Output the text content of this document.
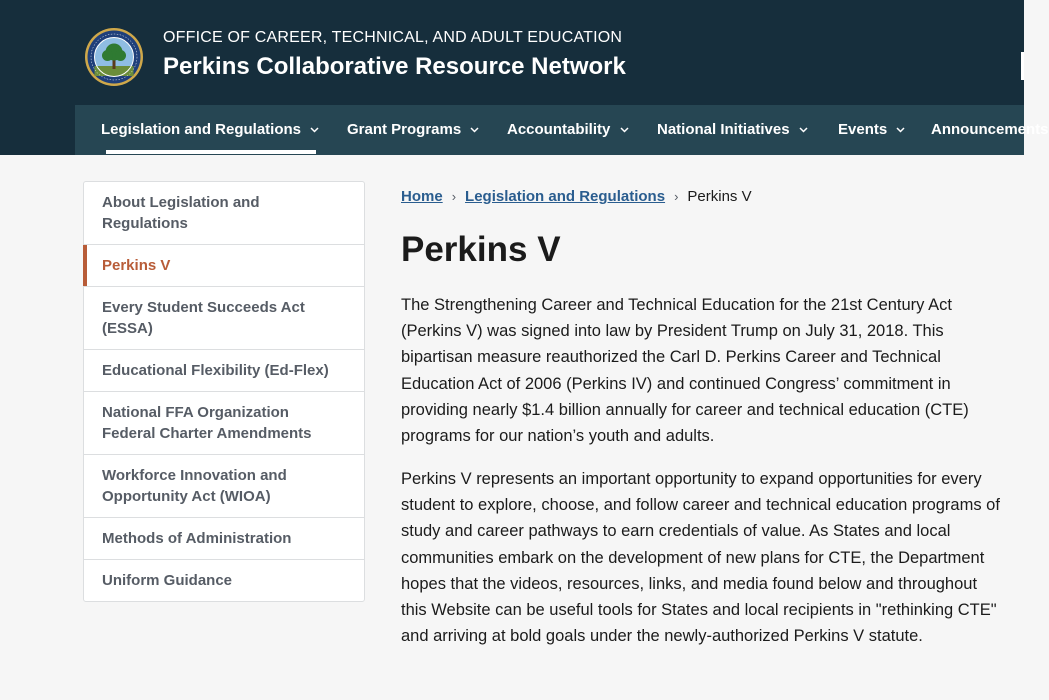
OFFICE OF CAREER, TECHNICAL, AND ADULT EDUCATION
Perkins Collaborative Resource Network
Legislation and Regulations	Grant Programs	Accountability	National Initiatives	Events	Announcements
About Legislation and Regulations
Perkins V
Every Student Succeeds Act (ESSA)
Educational Flexibility (Ed-Flex)
National FFA Organization Federal Charter Amendments
Workforce Innovation and Opportunity Act (WIOA)
Methods of Administration
Uniform Guidance
Home › Legislation and Regulations › Perkins V
Perkins V

The Strengthening Career and Technical Education for the 21st Century Act (Perkins V) was signed into law by President Trump on July 31, 2018. This bipartisan measure reauthorized the Carl D. Perkins Career and Technical Education Act of 2006 (Perkins IV) and continued Congress’ commitment in providing nearly $1.4 billion annually for career and technical education (CTE) programs for our nation’s youth and adults.

Perkins V represents an important opportunity to expand opportunities for every student to explore, choose, and follow career and technical education programs of study and career pathways to earn credentials of value. As States and local communities embark on the development of new plans for CTE, the Department hopes that the videos, resources, links, and media found below and throughout this Website can be useful tools for States and local recipients in "rethinking CTE" and arriving at bold goals under the newly-authorized Perkins V statute.
